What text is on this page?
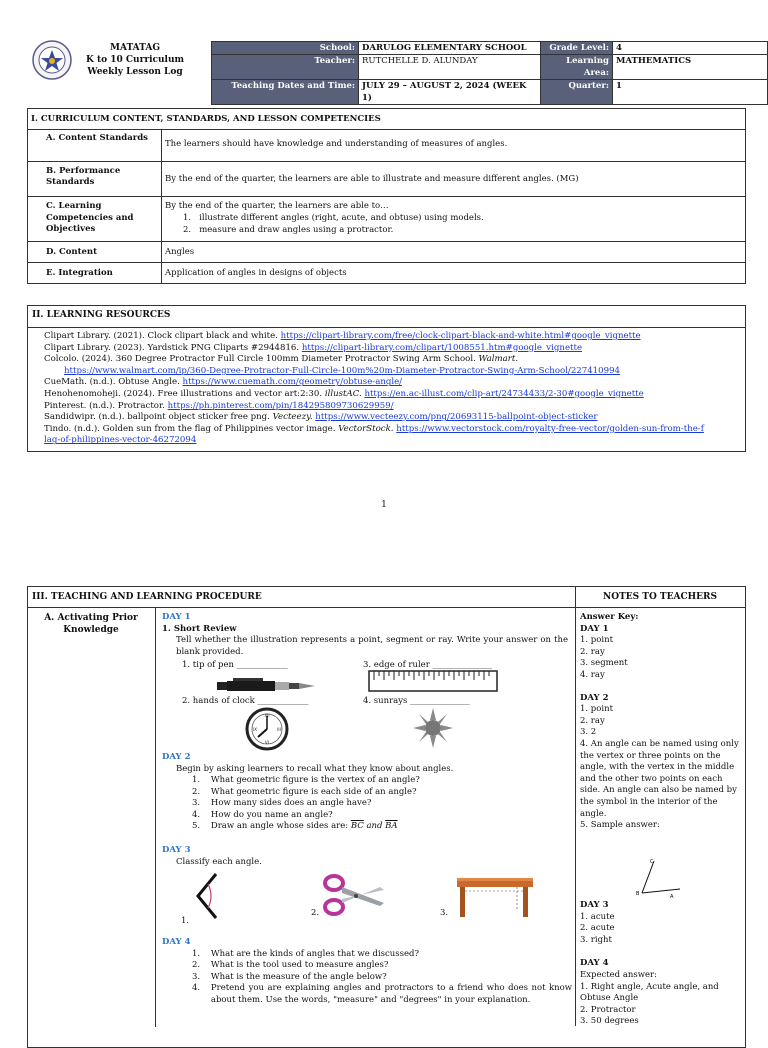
MATATAG
K to 10 Curriculum
Weekly Lesson Log
School:	DARULOG ELEMENTARY SCHOOL	Grade Level:	4
Teacher:	RUTCHELLE D. ALUNDAY	Learning Area:	MATHEMATICS
Teaching Dates and Time:	JULY 29 – AUGUST 2, 2024 (WEEK 1)	Quarter:	1
I. CURRICULUM CONTENT, STANDARDS, AND LESSON COMPETENCIES	
A. Content Standards	The learners should have knowledge and understanding of measures of angles.
B. Performance Standards	By the end of the quarter, the learners are able to illustrate and measure different angles. (MG)
C. Learning Competencies and Objectives	By the end of the quarter, the learners are able to…
1.   illustrate different angles (right, acute, and obtuse) using models.
2.   measure and draw angles using a protractor.

D. Content	Angles
E. Integration	Application of angles in designs of objects
II. LEARNING RESOURCES
Clipart Library. (2021). Clock clipart black and white. https://clipart-library.com/free/clock-clipart-black-and-white.html#google_vignette
Clipart Library. (2023). Yardstick PNG Cliparts #2944816. https://clipart-library.com/clipart/1008551.htm#google_vignette
Colcolo. (2024). 360 Degree Protractor Full Circle 100mm Diameter Protractor Swing Arm School. Walmart.
https://www.walmart.com/ip/360-Degree-Protractor-Full-Circle-100m%20m-Diameter-Protractor-Swing-Arm-School/227410994
CueMath. (n.d.). Obtuse Angle. https://www.cuemath.com/geometry/obtuse-angle/
Henohenomoheji. (2024). Free illustrations and vector art:2:30. illustAC. https://en.ac-illust.com/clip-art/24734433/2-30#google_vignette
Pinterest. (n.d.). Protractor. https://ph.pinterest.com/pin/184295809730629959/
Sandidwipr. (n.d.). ballpoint object sticker free png. Vecteezy. https://www.vecteezy.com/png/20693115-ballpoint-object-sticker
Tindo. (n.d.). Golden sun from the flag of Philippines vector image. VectorStock. https://www.vectorstock.com/royalty-free-vector/golden-sun-from-the-flag-of-philippines-vector-46272094
1
III. TEACHING AND LEARNING PROCEDURE	NOTES TO TEACHERS
A. Activating Prior Knowledge
DAY 1
1. Short Review
Tell whether the illustration represents a point, segment or ray. Write your answer on the blank provided.
1. tip of pen ____________	3. edge of ruler ______________
2. hands of clock ____________	4. sunrays ______________
XII
III
VI
IX
DAY 2
Begin by asking learners to recall what they know about angles.
1.    What geometric figure is the vertex of an angle?
2.    What geometric figure is each side of an angle?
3.    How many sides does an angle have?
4.    How do you name an angle?
5.    Draw an angle whose sides are: $\overline{BC}$ and $\overline{BA}$
DAY 3
Classify each angle.
1.
2.	3.
DAY 4
1.    What are the kinds of angles that we discussed?
2.    What is the tool used to measure angles?
3.    What is the measure of the angle below?
4. Pretend you are explaining angles and protractors to a friend who does not know about them. Use the words, "measure" and "degrees" in your explanation.
Answer Key:
DAY 1
1. point
2. ray
3. segment
4. ray
DAY 2
1. point
2. ray
3. 2
4. An angle can be named using only the vertex or three points on the angle, with the vertex in the middle and the other two points on each side. An angle can also be named by the symbol in the interior of the angle.
5. Sample answer:
C
B	A
DAY 3
1. acute
2. acute
3. right
DAY 4
Expected answer:
1. Right angle, Acute angle, and Obtuse Angle
2. Protractor
3. 50 degrees
